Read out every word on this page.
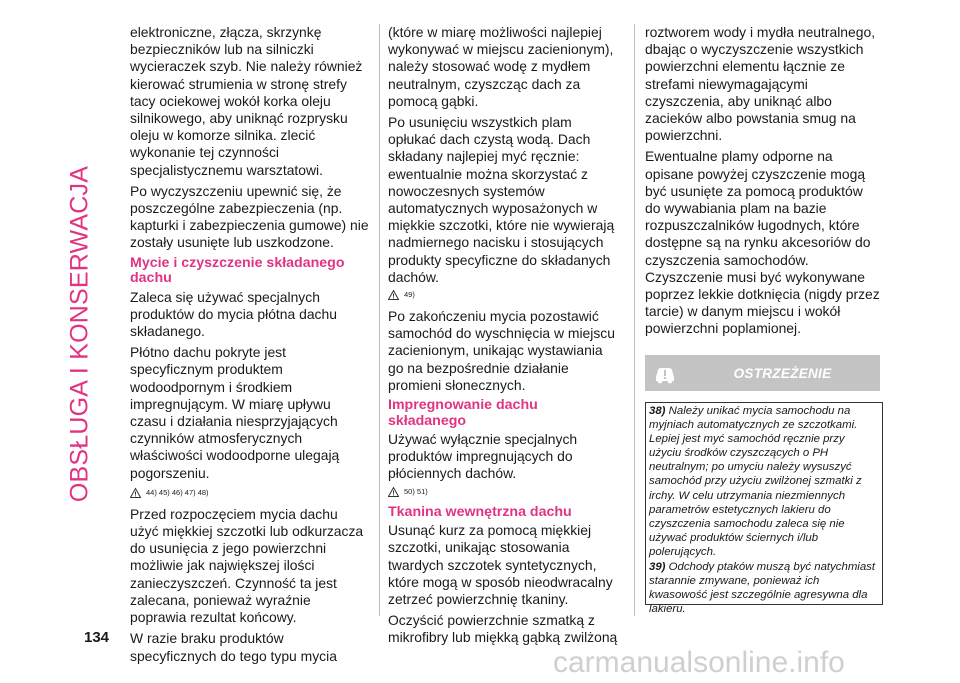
OBSŁUGA I KONSERWACJA

elektroniczne, złącza, skrzynkę bezpieczników lub na silniczki wycieraczek szyb. Nie należy również kierować strumienia w stronę strefy tacy ociekowej wokół korka oleju silnikowego, aby uniknąć rozprysku oleju w komorze silnika. zlecić wykonanie tej czynności specjalistycznemu warsztatowi.

Po wyczyszczeniu upewnić się, że poszczególne zabezpieczenia (np. kapturki i zabezpieczenia gumowe) nie zostały usunięte lub uszkodzone.

Mycie i czyszczenie składanego dachu

Zaleca się używać specjalnych produktów do mycia płótna dachu składanego.

Płótno dachu pokryte jest specyficznym produktem wodoodpornym i środkiem impregnującym. W miarę upływu czasu i działania niesprzyjających czynników atmosferycznych właściwości wodoodporne ulegają pogorszeniu.

44) 45) 46) 47) 48)

Przed rozpoczęciem mycia dachu użyć miękkiej szczotki lub odkurzacza do usunięcia z jego powierzchni możliwie jak największej ilości zanieczyszczeń. Czynność ta jest zalecana, ponieważ wyraźnie poprawia rezultat końcowy.

W razie braku produktów specyficznych do tego typu mycia

(które w miarę możliwości najlepiej wykonywać w miejscu zacienionym), należy stosować wodę z mydłem neutralnym, czyszcząc dach za pomocą gąbki.

Po usunięciu wszystkich plam opłukać dach czystą wodą. Dach składany najlepiej myć ręcznie: ewentualnie można skorzystać z nowoczesnych systemów automatycznych wyposażonych w miękkie szczotki, które nie wywierają nadmiernego nacisku i stosujących produkty specyficzne do składanych dachów.

49)

Po zakończeniu mycia pozostawić samochód do wyschnięcia w miejscu zacienionym, unikając wystawiania go na bezpośrednie działanie promieni słonecznych.

Impregnowanie dachu składanego

Używać wyłącznie specjalnych produktów impregnujących do płóciennych dachów.

50) 51)
Tkanina wewnętrzna dachu

Usunąć kurz za pomocą miękkiej szczotki, unikając stosowania twardych szczotek syntetycznych, które mogą w sposób nieodwracalny zetrzeć powierzchnię tkaniny.

Oczyścić powierzchnie szmatką z mikrofibry lub miękką gąbką zwilżoną

roztworem wody i mydła neutralnego, dbając o wyczyszczenie wszystkich powierzchni elementu łącznie ze strefami niewymagającymi czyszczenia, aby uniknąć albo zacieków albo powstania smug na powierzchni.

Ewentualne plamy odporne na opisane powyżej czyszczenie mogą być usunięte za pomocą produktów do wywabiania plam na bazie rozpuszczalników ługodnych, które dostępne są na rynku akcesoriów do czyszczenia samochodów. Czyszczenie musi być wykonywane poprzez lekkie dotknięcia (nigdy przez tarcie) w danym miejscu i wokół powierzchni poplamionej.

OSTRZEŻENIE

38) Należy unikać mycia samochodu na myjniach automatycznych ze szczotkami. Lepiej jest myć samochód ręcznie przy użyciu środków czyszczących o PH neutralnym; po umyciu należy wysuszyć samochód przy użyciu zwilżonej szmatki z irchy. W celu utrzymania niezmiennych parametrów estetycznych lakieru do czyszczenia samochodu zaleca się nie używać produktów ściernych i/lub polerujących.

39) Odchody ptaków muszą być natychmiast starannie zmywane, ponieważ ich kwasowość jest szczególnie agresywna dla lakieru.

134
carmanualsonline.info
